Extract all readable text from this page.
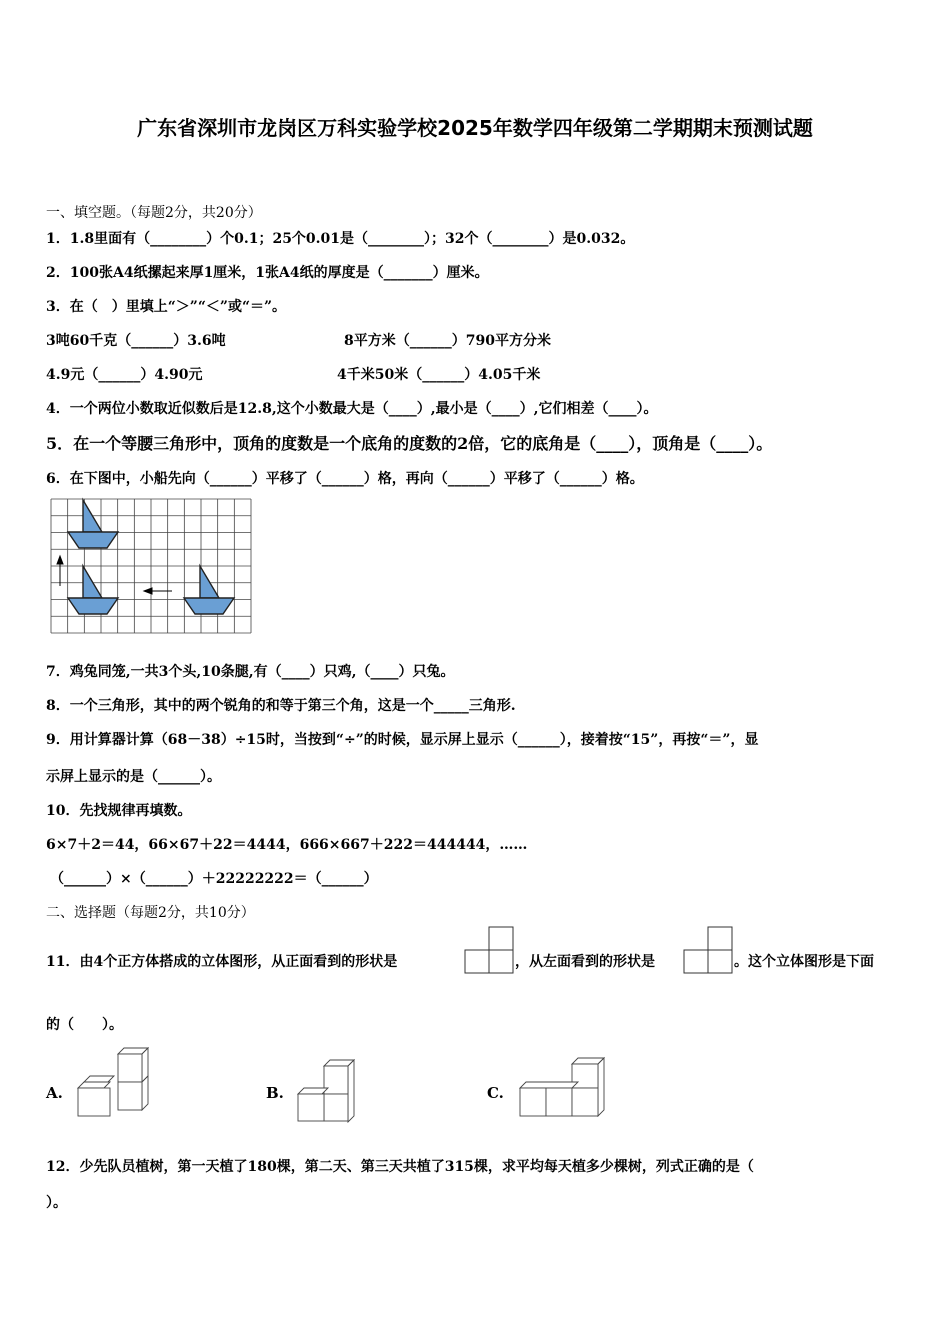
广东省深圳市龙岗区万科实验学校2025年数学四年级第二学期期末预测试题
一、填空题。（每题2分，共20分）
1．1.8里面有（________）个0.1；25个0.01是（________）；32个（________）是0.032。
2．100张A4纸摞起来厚1厘米，1张A4纸的厚度是（_______）厘米。
3．在（　）里填上“＞”“＜”或“＝”。
3吨60千克（______）3.6吨	8平方米（______）790平方分米
4.9元（______）4.90元	4千米50米（______）4.05千米
4．一个两位小数取近似数后是12.8,这个小数最大是（____）,最小是（____）,它们相差（____）。
5．在一个等腰三角形中，顶角的度数是一个底角的度数的2倍，它的底角是（____），顶角是（____）。
6．在下图中，小船先向（______）平移了（______）格，再向（______）平移了（______）格。
7．鸡兔同笼,一共3个头,10条腿,有（____）只鸡,（____）只兔。
8．一个三角形，其中的两个锐角的和等于第三个角，这是一个_____三角形.
9．用计算器计算（68－38）÷15时，当按到“÷”的时候，显示屏上显示（______），接着按“15”，再按“＝”，显
示屏上显示的是（______）。
10．先找规律再填数。
6×7＋2＝44，66×67＋22＝4444，666×667＋222＝444444，……
（______）×（______）＋22222222＝（______）
二、选择题（每题2分，共10分）
11．由4个正方体搭成的立体图形，从正面看到的形状是	，从左面看到的形状是	。这个立体图形是下面
的（　　）。
A.	B.	C.
12．少先队员植树，第一天植了180棵，第二天、第三天共植了315棵，求平均每天植多少棵树，列式正确的是（
）。
